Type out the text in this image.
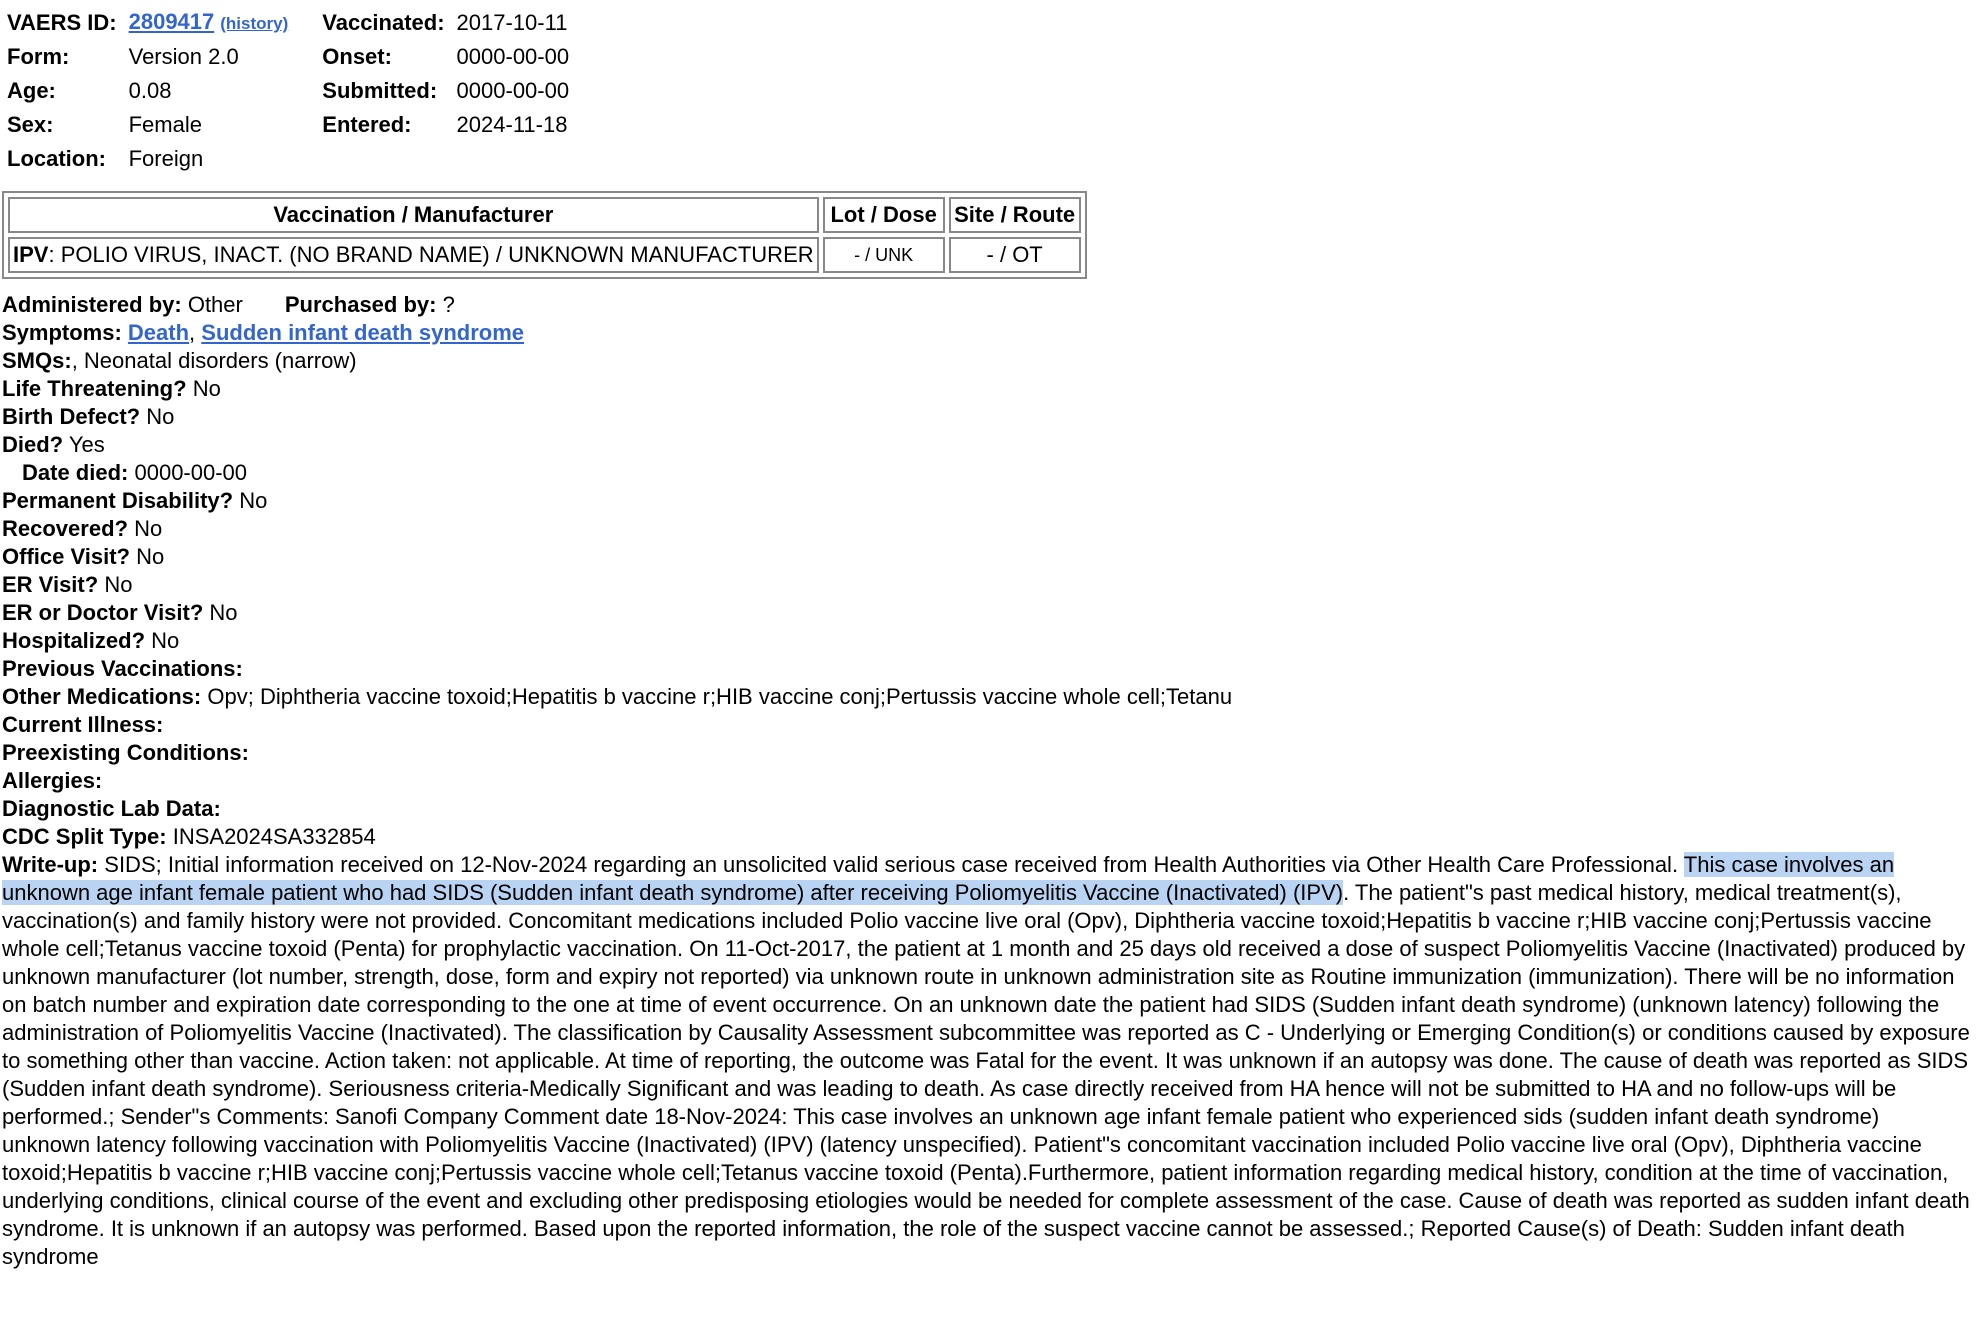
VAERS ID:	2809417 (history)		Vaccinated:	2017-10-11
Form:	Version 2.0		Onset:	0000-00-00
Age:	0.08		Submitted:	0000-00-00
Sex:	Female		Entered:	2024-11-18
Location:	Foreign			
Vaccination / Manufacturer	Lot / Dose	Site / Route
IPV: POLIO VIRUS, INACT. (NO BRAND NAME) / UNKNOWN MANUFACTURER	- / UNK	- / OT
Administered by: Other Purchased by: ?
Symptoms: Death, Sudden infant death syndrome
SMQs:, Neonatal disorders (narrow)
Life Threatening? No
Birth Defect? No
Died? Yes
Date died: 0000-00-00
Permanent Disability? No
Recovered? No
Office Visit? No
ER Visit? No
ER or Doctor Visit? No
Hospitalized? No
Previous Vaccinations:
Other Medications: Opv; Diphtheria vaccine toxoid;Hepatitis b vaccine r;HIB vaccine conj;Pertussis vaccine whole cell;Tetanu
Current Illness:
Preexisting Conditions:
Allergies:
Diagnostic Lab Data:
CDC Split Type: INSA2024SA332854
Write-up: SIDS; Initial information received on 12-Nov-2024 regarding an unsolicited valid serious case received from Health Authorities via Other Health Care Professional. This case involves an unknown age infant female patient who had SIDS (Sudden infant death syndrome) after receiving Poliomyelitis Vaccine (Inactivated) (IPV). The patient"s past medical history, medical treatment(s), vaccination(s) and family history were not provided. Concomitant medications included Polio vaccine live oral (Opv), Diphtheria vaccine toxoid;Hepatitis b vaccine r;HIB vaccine conj;Pertussis vaccine whole cell;Tetanus vaccine toxoid (Penta) for prophylactic vaccination. On 11-Oct-2017, the patient at 1 month and 25 days old received a dose of suspect Poliomyelitis Vaccine (Inactivated) produced by unknown manufacturer (lot number, strength, dose, form and expiry not reported) via unknown route in unknown administration site as Routine immunization (immunization). There will be no information on batch number and expiration date corresponding to the one at time of event occurrence. On an unknown date the patient had SIDS (Sudden infant death syndrome) (unknown latency) following the administration of Poliomyelitis Vaccine (Inactivated). The classification by Causality Assessment subcommittee was reported as C - Underlying or Emerging Condition(s) or conditions caused by exposure to something other than vaccine. Action taken: not applicable. At time of reporting, the outcome was Fatal for the event. It was unknown if an autopsy was done. The cause of death was reported as SIDS (Sudden infant death syndrome). Seriousness criteria-Medically Significant and was leading to death. As case directly received from HA hence will not be submitted to HA and no follow-ups will be performed.; Sender"s Comments: Sanofi Company Comment date 18-Nov-2024: This case involves an unknown age infant female patient who experienced sids (sudden infant death syndrome) unknown latency following vaccination with Poliomyelitis Vaccine (Inactivated) (IPV) (latency unspecified). Patient"s concomitant vaccination included Polio vaccine live oral (Opv), Diphtheria vaccine toxoid;Hepatitis b vaccine r;HIB vaccine conj;Pertussis vaccine whole cell;Tetanus vaccine toxoid (Penta).Furthermore, patient information regarding medical history, condition at the time of vaccination, underlying conditions, clinical course of the event and excluding other predisposing etiologies would be needed for complete assessment of the case. Cause of death was reported as sudden infant death syndrome. It is unknown if an autopsy was performed. Based upon the reported information, the role of the suspect vaccine cannot be assessed.; Reported Cause(s) of Death: Sudden infant death syndrome
